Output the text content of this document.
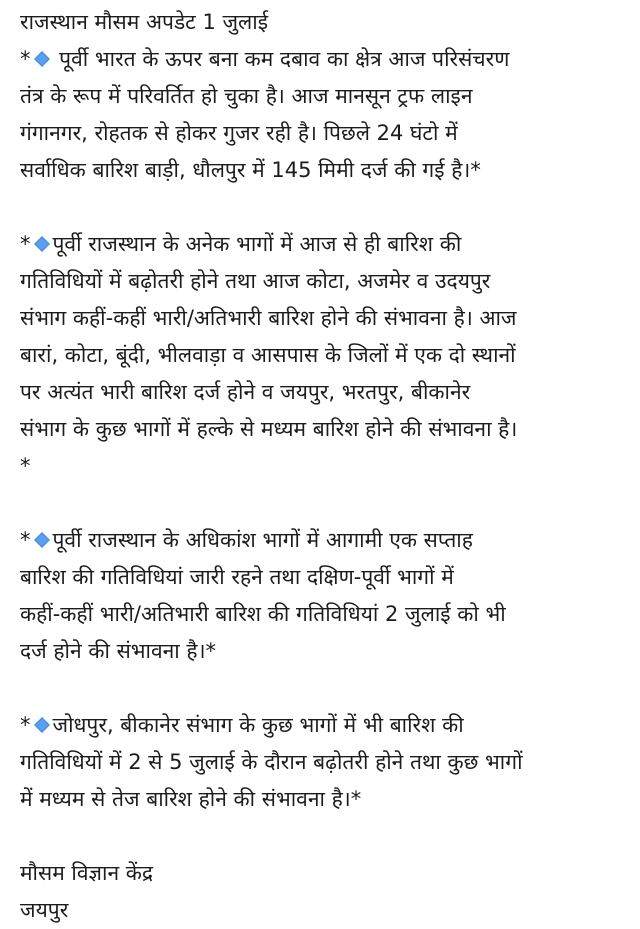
राजस्थान मौसम अपडेट 1 जुलाई
*
पूर्वी भारत के ऊपर बना कम दबाव का क्षेत्र आज परिसंचरण
तंत्र के रूप में परिवर्तित हो चुका है। आज मानसून ट्रफ लाइन
गंगानगर, रोहतक से होकर गुजर रही है। पिछले 24 घंटो में
सर्वाधिक बारिश बाड़ी, धौलपुर में 145 मिमी दर्ज की गई है।*
* पूर्वी राजस्थान के अनेक भागों में आज से ही बारिश की
गतिविधियों में बढ़ोतरी होने तथा आज कोटा, अजमेर व उदयपुर
संभाग कहीं-कहीं भारी/अतिभारी बारिश होने की संभावना है। आज
बारां, कोटा, बूंदी, भीलवाड़ा व आसपास के जिलों में एक दो स्थानों
पर अत्यंत भारी बारिश दर्ज होने व जयपुर, भरतपुर, बीकानेर
संभाग के कुछ भागों में हल्के से मध्यम बारिश होने की संभावना है।
*
* पूर्वी राजस्थान के अधिकांश भागों में आगामी एक सप्ताह
बारिश की गतिविधियां जारी रहने तथा दक्षिण-पूर्वी भागों में
कहीं-कहीं भारी/अतिभारी बारिश की गतिविधियां 2 जुलाई को भी
दर्ज होने की संभावना है।*
* जोधपुर, बीकानेर संभाग के कुछ भागों में भी बारिश की
गतिविधियों में 2 से 5 जुलाई के दौरान बढ़ोतरी होने तथा कुछ भागों
में मध्यम से तेज बारिश होने की संभावना है।*
मौसम विज्ञान केंद्र
जयपुर
